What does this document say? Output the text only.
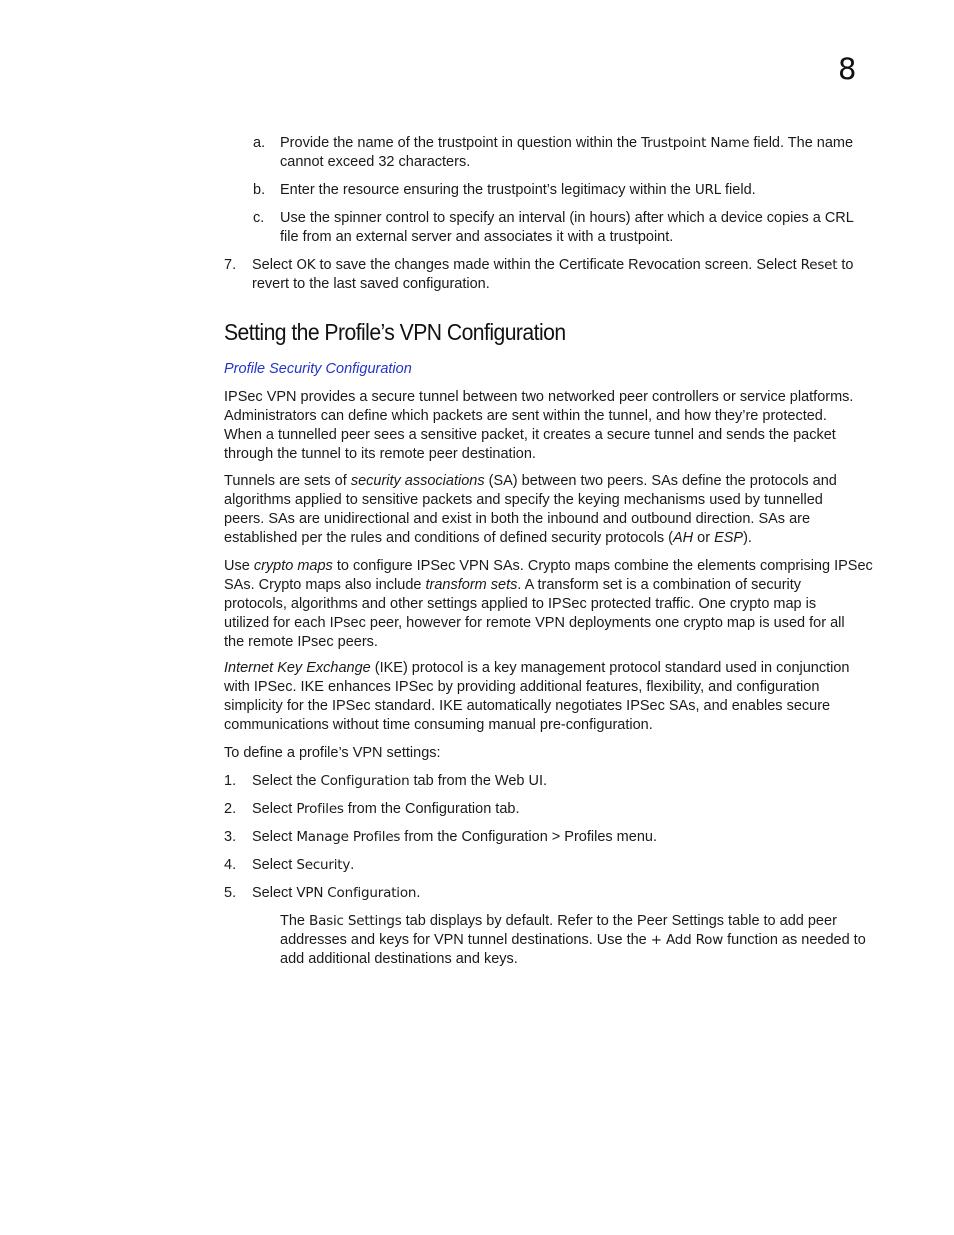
8
a. Provide the name of the trustpoint in question within the Trustpoint Name field. The name
cannot exceed 32 characters.

b. Enter the resource ensuring the trustpoint’s legitimacy within the URL field.

c. Use the spinner control to specify an interval (in hours) after which a device copies a CRL
file from an external server and associates it with a trustpoint.

7. Select OK to save the changes made within the Certificate Revocation screen. Select Reset to
revert to the last saved configuration.

Setting the Profile’s VPN Configuration
Profile Security Configuration

IPSec VPN provides a secure tunnel between two networked peer controllers or service platforms.
Administrators can define which packets are sent within the tunnel, and how they’re protected.
When a tunnelled peer sees a sensitive packet, it creates a secure tunnel and sends the packet
through the tunnel to its remote peer destination.

Tunnels are sets of security associations (SA) between two peers. SAs define the protocols and
algorithms applied to sensitive packets and specify the keying mechanisms used by tunnelled
peers. SAs are unidirectional and exist in both the inbound and outbound direction. SAs are
established per the rules and conditions of defined security protocols (AH or ESP).

Use crypto maps to configure IPSec VPN SAs. Crypto maps combine the elements comprising IPSec
SAs. Crypto maps also include transform sets. A transform set is a combination of security
protocols, algorithms and other settings applied to IPSec protected traffic. One crypto map is
utilized for each IPsec peer, however for remote VPN deployments one crypto map is used for all
the remote IPsec peers.

Internet Key Exchange (IKE) protocol is a key management protocol standard used in conjunction
with IPSec. IKE enhances IPSec by providing additional features, flexibility, and configuration
simplicity for the IPSec standard. IKE automatically negotiates IPSec SAs, and enables secure
communications without time consuming manual pre-configuration.

To define a profile’s VPN settings:

1. Select the Configuration tab from the Web UI.

2. Select Profiles from the Configuration tab.

3. Select Manage Profiles from the Configuration > Profiles menu.

4. Select Security.

5. Select VPN Configuration.

The Basic Settings tab displays by default. Refer to the Peer Settings table to add peer
addresses and keys for VPN tunnel destinations. Use the + Add Row function as needed to
add additional destinations and keys.
